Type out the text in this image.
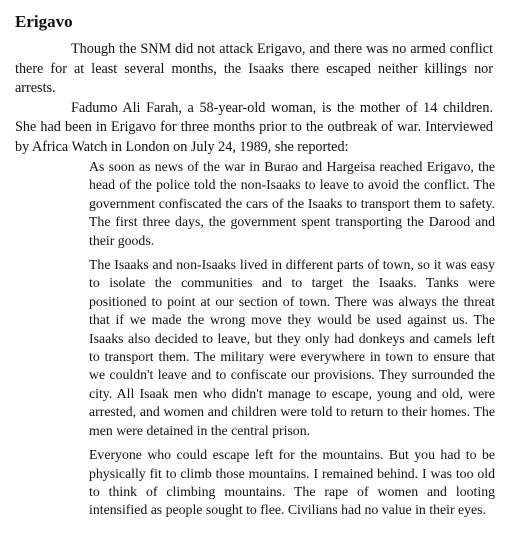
Erigavo

Though the SNM did not attack Erigavo, and there was no armed conflict there for at least several months, the Isaaks there escaped neither killings nor arrests.

Fadumo Ali Farah, a 58-year-old woman, is the mother of 14 children. She had been in Erigavo for three months prior to the outbreak of war. Interviewed by Africa Watch in London on July 24, 1989, she reported:

As soon as news of the war in Burao and Hargeisa reached Erigavo, the head of the police told the non-Isaaks to leave to avoid the conflict. The government confiscated the cars of the Isaaks to transport them to safety. The first three days, the government spent transporting the Darood and their goods.

The Isaaks and non-Isaaks lived in different parts of town, so it was easy to isolate the communities and to target the Isaaks. Tanks were positioned to point at our section of town. There was always the threat that if we made the wrong move they would be used against us. The Isaaks also decided to leave, but they only had donkeys and camels left to transport them. The military were everywhere in town to ensure that we couldn't leave and to confiscate our provisions. They surrounded the city. All Isaak men who didn't manage to escape, young and old, were arrested, and women and children were told to return to their homes. The men were detained in the central prison.

Everyone who could escape left for the mountains. But you had to be physically fit to climb those mountains. I remained behind. I was too old to think of climbing mountains. The rape of women and looting intensified as people sought to flee. Civilians had no value in their eyes.
